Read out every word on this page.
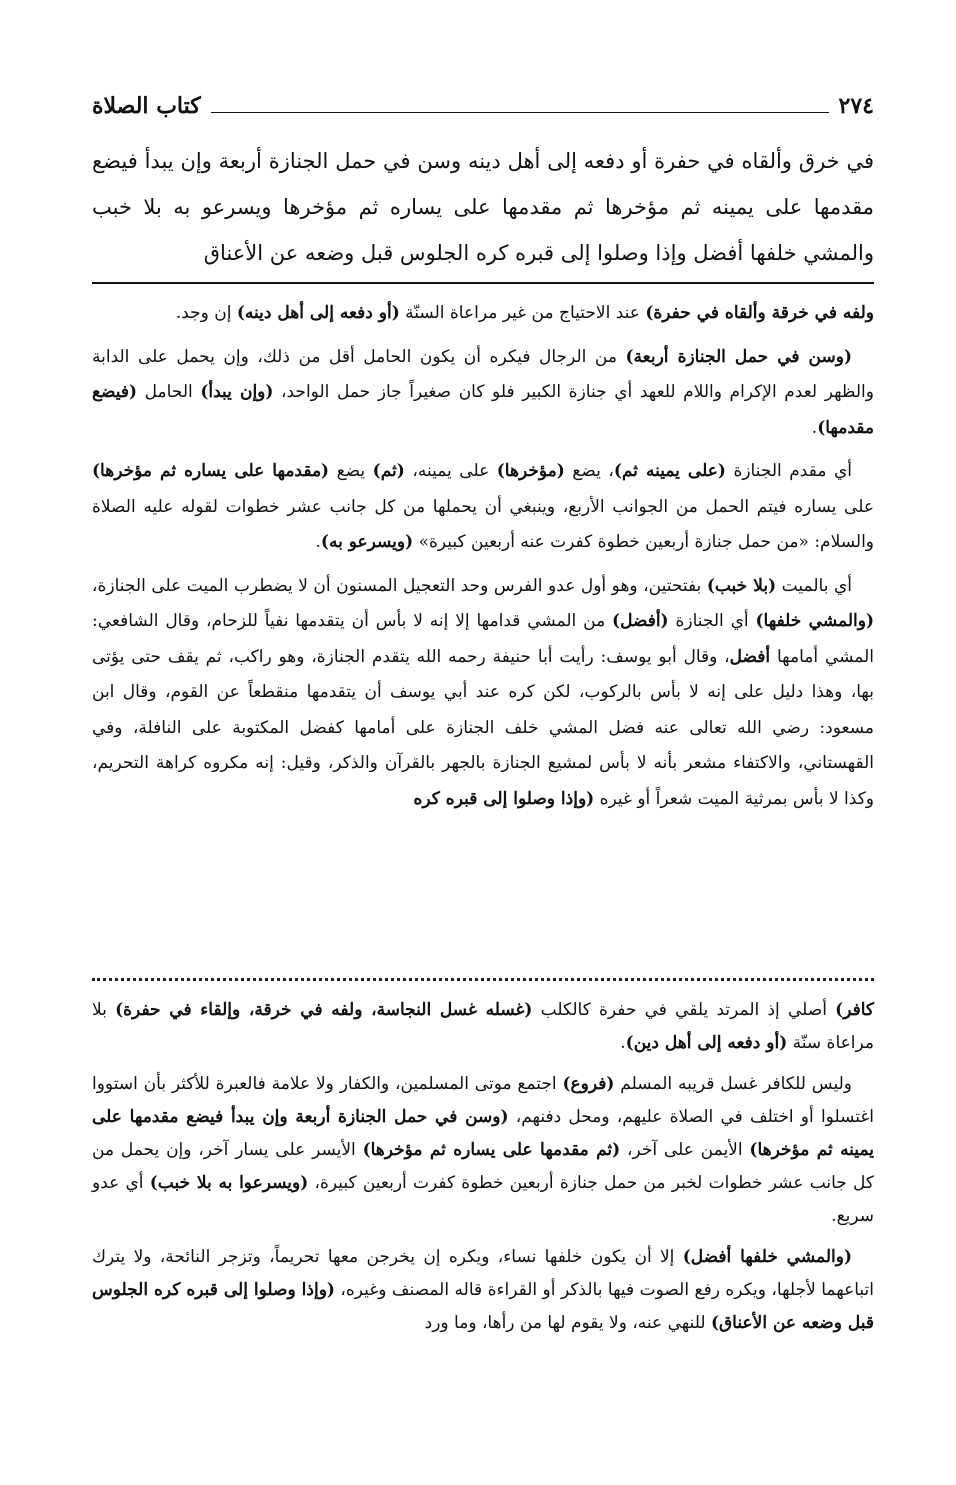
٢٧٤
كتاب الصلاة
في خرق وألقاه في حفرة أو دفعه إلى أهل دينه وسن في حمل الجنازة أربعة وإن يبدأ فيضع مقدمها على يمينه ثم مؤخرها ثم مقدمها على يساره ثم مؤخرها ويسرعو به بلا خبب والمشي خلفها أفضل وإذا وصلوا إلى قبره كره الجلوس قبل وضعه عن الأعناق

ولفه في خرقة وألقاه في حفرة) عند الاحتياج من غير مراعاة السنّة (أو دفعه إلى أهل دينه) إن وجد.

(وسن في حمل الجنازة أربعة) من الرجال فيكره أن يكون الحامل أقل من ذلك، وإن يحمل على الدابة والظهر لعدم الإكرام واللام للعهد أي جنازة الكبير فلو كان صغيراً جاز حمل الواحد، (وإن يبدأ) الحامل (فيضع مقدمها).

أي مقدم الجنازة (على يمينه ثم)، يضع (مؤخرها) على يمينه، (ثم) يضع (مقدمها على يساره ثم مؤخرها) على يساره فيتم الحمل من الجوانب الأربع، وينبغي أن يحملها من كل جانب عشر خطوات لقوله عليه الصلاة والسلام: «من حمل جنازة أربعين خطوة كفرت عنه أربعين كبيرة» (ويسرعو به).

أي بالميت (بلا خبب) بفتحتين، وهو أول عدو الفرس وحد التعجيل المسنون أن لا يضطرب الميت على الجنازة، (والمشي خلفها) أي الجنازة (أفضل) من المشي قدامها إلا إنه لا بأس أن يتقدمها نفياً للزحام، وقال الشافعي: المشي أمامها أفضل، وقال أبو يوسف: رأيت أبا حنيفة رحمه الله يتقدم الجنازة، وهو راكب، ثم يقف حتى يؤتى بها، وهذا دليل على إنه لا بأس بالركوب، لكن كره عند أبي يوسف أن يتقدمها منقطعاً عن القوم، وقال ابن مسعود: رضي الله تعالى عنه فضل المشي خلف الجنازة على أمامها كفضل المكتوبة على النافلة، وفي القهستاني، والاكتفاء مشعر بأنه لا بأس لمشيع الجنازة بالجهر بالقرآن والذكر، وقيل: إنه مكروه كراهة التحريم، وكذا لا بأس بمرثية الميت شعراً أو غيره (وإذا وصلوا إلى قبره كره

كافر) أصلي إذ المرتد يلقي في حفرة كالكلب (غسله غسل النجاسة، ولفه في خرقة، وإلقاء في حفرة) بلا مراعاة سنّة (أو دفعه إلى أهل دين).

وليس للكافر غسل قريبه المسلم (فروع) اجتمع موتى المسلمين، والكفار ولا علامة فالعبرة للأكثر بأن استووا اغتسلوا أو اختلف في الصلاة عليهم، ومحل دفنهم، (وسن في حمل الجنازة أربعة وإن يبدأ فيضع مقدمها على يمينه ثم مؤخرها) الأيمن على آخر، (ثم مقدمها على يساره ثم مؤخرها) الأيسر على يسار آخر، وإن يحمل من كل جانب عشر خطوات لخبر من حمل جنازة أربعين خطوة كفرت أربعين كبيرة، (ويسرعوا به بلا خبب) أي عدو سريع.

(والمشي خلفها أفضل) إلا أن يكون خلفها نساء، ويكره إن يخرجن معها تحريماً، وتزجر النائحة، ولا يترك اتباعهما لأجلها، ويكره رفع الصوت فيها بالذكر أو القراءة قاله المصنف وغيره، (وإذا وصلوا إلى قبره كره الجلوس قبل وضعه عن الأعناق) للنهي عنه، ولا يقوم لها من رأها، وما ورد
